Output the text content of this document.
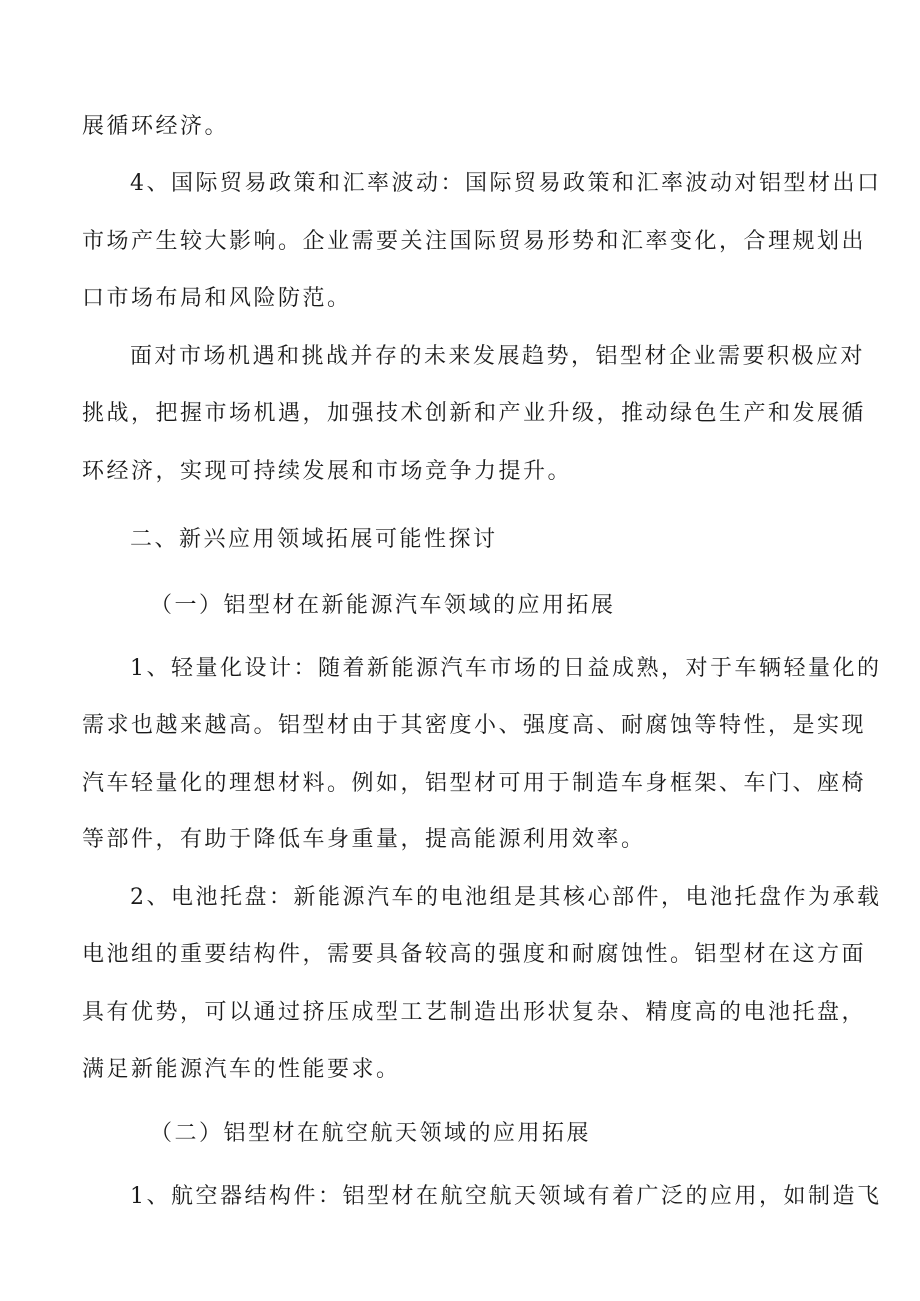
展循环经济。
4、国际贸易政策和汇率波动：国际贸易政策和汇率波动对铝型材出口
市场产生较大影响。企业需要关注国际贸易形势和汇率变化，合理规划出
口市场布局和风险防范。
面对市场机遇和挑战并存的未来发展趋势，铝型材企业需要积极应对
挑战，把握市场机遇，加强技术创新和产业升级，推动绿色生产和发展循
环经济，实现可持续发展和市场竞争力提升。
二、新兴应用领域拓展可能性探讨
（一）铝型材在新能源汽车领域的应用拓展
1、轻量化设计：随着新能源汽车市场的日益成熟，对于车辆轻量化的
需求也越来越高。铝型材由于其密度小、强度高、耐腐蚀等特性，是实现
汽车轻量化的理想材料。例如，铝型材可用于制造车身框架、车门、座椅
等部件，有助于降低车身重量，提高能源利用效率。
2、电池托盘：新能源汽车的电池组是其核心部件，电池托盘作为承载
电池组的重要结构件，需要具备较高的强度和耐腐蚀性。铝型材在这方面
具有优势，可以通过挤压成型工艺制造出形状复杂、精度高的电池托盘，
满足新能源汽车的性能要求。
（二）铝型材在航空航天领域的应用拓展
1、航空器结构件：铝型材在航空航天领域有着广泛的应用，如制造飞
